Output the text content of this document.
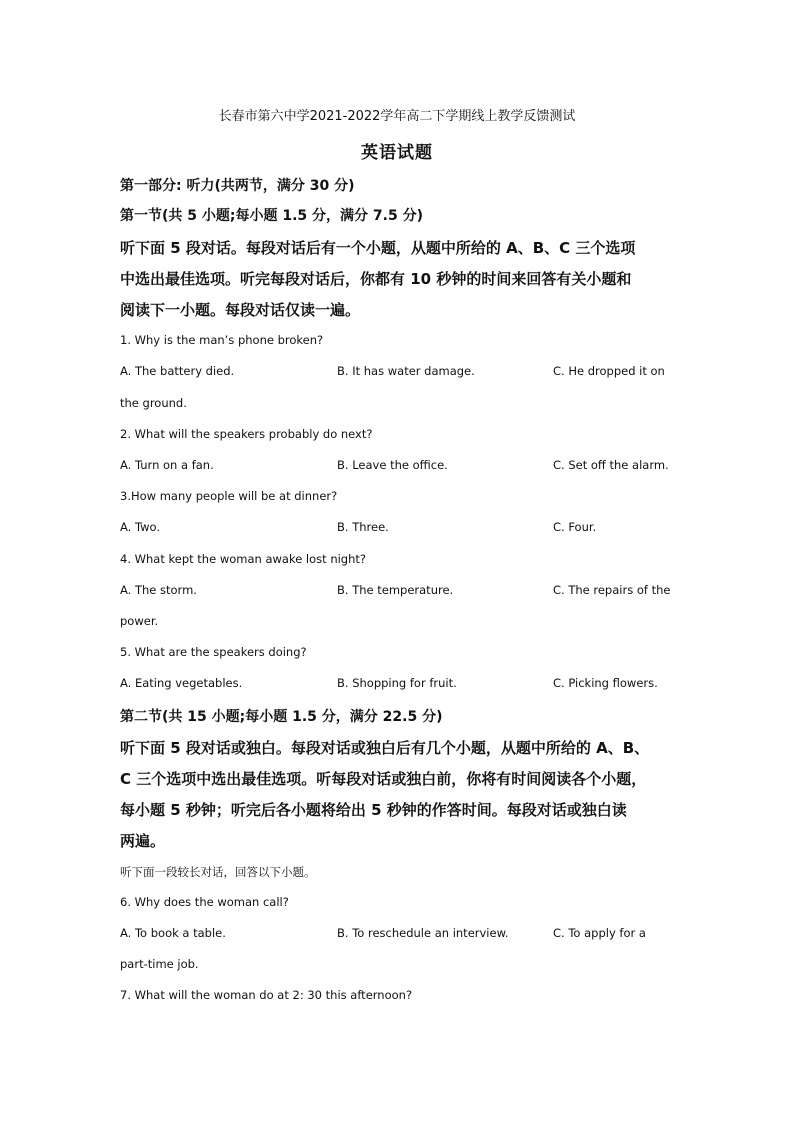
长春市第六中学2021-2022学年高二下学期线上教学反馈测试
英语试题
第一部分: 听力(共两节，满分 30 分)
第一节(共 5 小题;每小题 1.5 分，满分 7.5 分)
听下面 5 段对话。每段对话后有一个小题，从题中所给的 A、B、C 三个选项
中选出最佳选项。听完每段对话后，你都有 10 秒钟的时间来回答有关小题和
阅读下一小题。每段对话仅读一遍。
1. Why is the man’s phone broken?
A. The battery died.	B. It has water damage.	C. He dropped it on
the ground.
2. What will the speakers probably do next?
A. Turn on a fan.	B. Leave the office.	C. Set off the alarm.
3.How many people will be at dinner?
A. Two.	B. Three.	C. Four.
4. What kept the woman awake lost night?
A. The storm.	B. The temperature.	C. The repairs of the
power.
5. What are the speakers doing?
A. Eating vegetables.	B. Shopping for fruit.	C. Picking flowers.
第二节(共 15 小题;每小题 1.5 分，满分 22.5 分)
听下面 5 段对话或独白。每段对话或独白后有几个小题，从题中所给的 A、B、
C 三个选项中选出最佳选项。听每段对话或独白前，你将有时间阅读各个小题，
每小题 5 秒钟；听完后各小题将给出 5 秒钟的作答时间。每段对话或独白读
两遍。
听下面一段较长对话，回答以下小题。
6. Why does the woman call?
A. To book a table.	B. To reschedule an interview.	C. To apply for a
part-time job.
7. What will the woman do at 2: 30 this afternoon?
